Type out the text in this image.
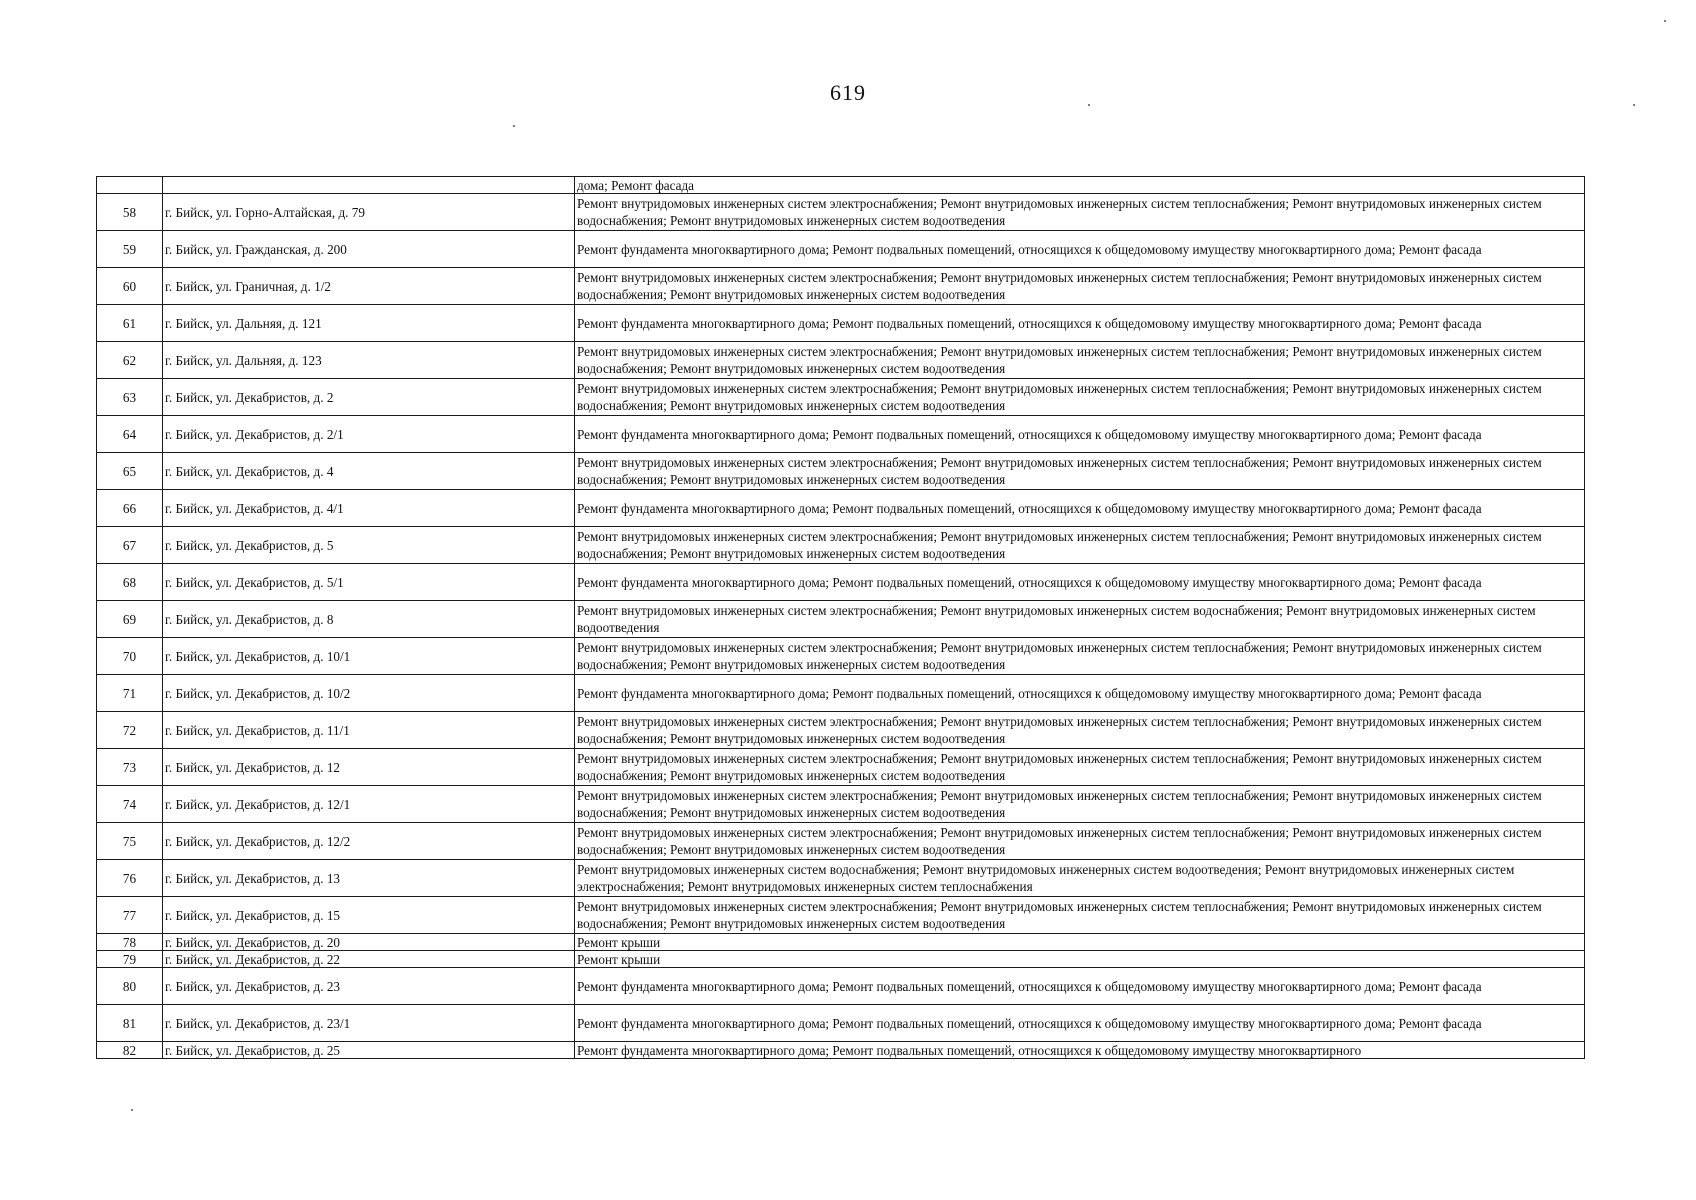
619
		дома; Ремонт фасада
58	г. Бийск, ул. Горно-Алтайская, д. 79	Ремонт внутридомовых инженерных систем электроснабжения; Ремонт внутридомовых инженерных систем теплоснабжения; Ремонт внутридомовых инженерных систем водоснабжения; Ремонт внутридомовых инженерных систем водоотведения
59	г. Бийск, ул. Гражданская, д. 200	Ремонт фундамента многоквартирного дома; Ремонт подвальных помещений, относящихся к общедомовому имуществу многоквартирного дома; Ремонт фасада
60	г. Бийск, ул. Граничная, д. 1/2	Ремонт внутридомовых инженерных систем электроснабжения; Ремонт внутридомовых инженерных систем теплоснабжения; Ремонт внутридомовых инженерных систем водоснабжения; Ремонт внутридомовых инженерных систем водоотведения
61	г. Бийск, ул. Дальняя, д. 121	Ремонт фундамента многоквартирного дома; Ремонт подвальных помещений, относящихся к общедомовому имуществу многоквартирного дома; Ремонт фасада
62	г. Бийск, ул. Дальняя, д. 123	Ремонт внутридомовых инженерных систем электроснабжения; Ремонт внутридомовых инженерных систем теплоснабжения; Ремонт внутридомовых инженерных систем водоснабжения; Ремонт внутридомовых инженерных систем водоотведения
63	г. Бийск, ул. Декабристов, д. 2	Ремонт внутридомовых инженерных систем электроснабжения; Ремонт внутридомовых инженерных систем теплоснабжения; Ремонт внутридомовых инженерных систем водоснабжения; Ремонт внутридомовых инженерных систем водоотведения
64	г. Бийск, ул. Декабристов, д. 2/1	Ремонт фундамента многоквартирного дома; Ремонт подвальных помещений, относящихся к общедомовому имуществу многоквартирного дома; Ремонт фасада
65	г. Бийск, ул. Декабристов, д. 4	Ремонт внутридомовых инженерных систем электроснабжения; Ремонт внутридомовых инженерных систем теплоснабжения; Ремонт внутридомовых инженерных систем водоснабжения; Ремонт внутридомовых инженерных систем водоотведения
66	г. Бийск, ул. Декабристов, д. 4/1	Ремонт фундамента многоквартирного дома; Ремонт подвальных помещений, относящихся к общедомовому имуществу многоквартирного дома; Ремонт фасада
67	г. Бийск, ул. Декабристов, д. 5	Ремонт внутридомовых инженерных систем электроснабжения; Ремонт внутридомовых инженерных систем теплоснабжения; Ремонт внутридомовых инженерных систем водоснабжения; Ремонт внутридомовых инженерных систем водоотведения
68	г. Бийск, ул. Декабристов, д. 5/1	Ремонт фундамента многоквартирного дома; Ремонт подвальных помещений, относящихся к общедомовому имуществу многоквартирного дома; Ремонт фасада
69	г. Бийск, ул. Декабристов, д. 8	Ремонт внутридомовых инженерных систем электроснабжения; Ремонт внутридомовых инженерных систем водоснабжения; Ремонт внутридомовых инженерных систем водоотведения
70	г. Бийск, ул. Декабристов, д. 10/1	Ремонт внутридомовых инженерных систем электроснабжения; Ремонт внутридомовых инженерных систем теплоснабжения; Ремонт внутридомовых инженерных систем водоснабжения; Ремонт внутридомовых инженерных систем водоотведения
71	г. Бийск, ул. Декабристов, д. 10/2	Ремонт фундамента многоквартирного дома; Ремонт подвальных помещений, относящихся к общедомовому имуществу многоквартирного дома; Ремонт фасада
72	г. Бийск, ул. Декабристов, д. 11/1	Ремонт внутридомовых инженерных систем электроснабжения; Ремонт внутридомовых инженерных систем теплоснабжения; Ремонт внутридомовых инженерных систем водоснабжения; Ремонт внутридомовых инженерных систем водоотведения
73	г. Бийск, ул. Декабристов, д. 12	Ремонт внутридомовых инженерных систем электроснабжения; Ремонт внутридомовых инженерных систем теплоснабжения; Ремонт внутридомовых инженерных систем водоснабжения; Ремонт внутридомовых инженерных систем водоотведения
74	г. Бийск, ул. Декабристов, д. 12/1	Ремонт внутридомовых инженерных систем электроснабжения; Ремонт внутридомовых инженерных систем теплоснабжения; Ремонт внутридомовых инженерных систем водоснабжения; Ремонт внутридомовых инженерных систем водоотведения
75	г. Бийск, ул. Декабристов, д. 12/2	Ремонт внутридомовых инженерных систем электроснабжения; Ремонт внутридомовых инженерных систем теплоснабжения; Ремонт внутридомовых инженерных систем водоснабжения; Ремонт внутридомовых инженерных систем водоотведения
76	г. Бийск, ул. Декабристов, д. 13	Ремонт внутридомовых инженерных систем водоснабжения; Ремонт внутридомовых инженерных систем водоотведения; Ремонт внутридомовых инженерных систем электроснабжения; Ремонт внутридомовых инженерных систем теплоснабжения
77	г. Бийск, ул. Декабристов, д. 15	Ремонт внутридомовых инженерных систем электроснабжения; Ремонт внутридомовых инженерных систем теплоснабжения; Ремонт внутридомовых инженерных систем водоснабжения; Ремонт внутридомовых инженерных систем водоотведения
78	г. Бийск, ул. Декабристов, д. 20	Ремонт крыши
79	г. Бийск, ул. Декабристов, д. 22	Ремонт крыши
80	г. Бийск, ул. Декабристов, д. 23	Ремонт фундамента многоквартирного дома; Ремонт подвальных помещений, относящихся к общедомовому имуществу многоквартирного дома; Ремонт фасада
81	г. Бийск, ул. Декабристов, д. 23/1	Ремонт фундамента многоквартирного дома; Ремонт подвальных помещений, относящихся к общедомовому имуществу многоквартирного дома; Ремонт фасада
82	г. Бийск, ул. Декабристов, д. 25	Ремонт фундамента многоквартирного дома; Ремонт подвальных помещений, относящихся к общедомовому имуществу многоквартирного
